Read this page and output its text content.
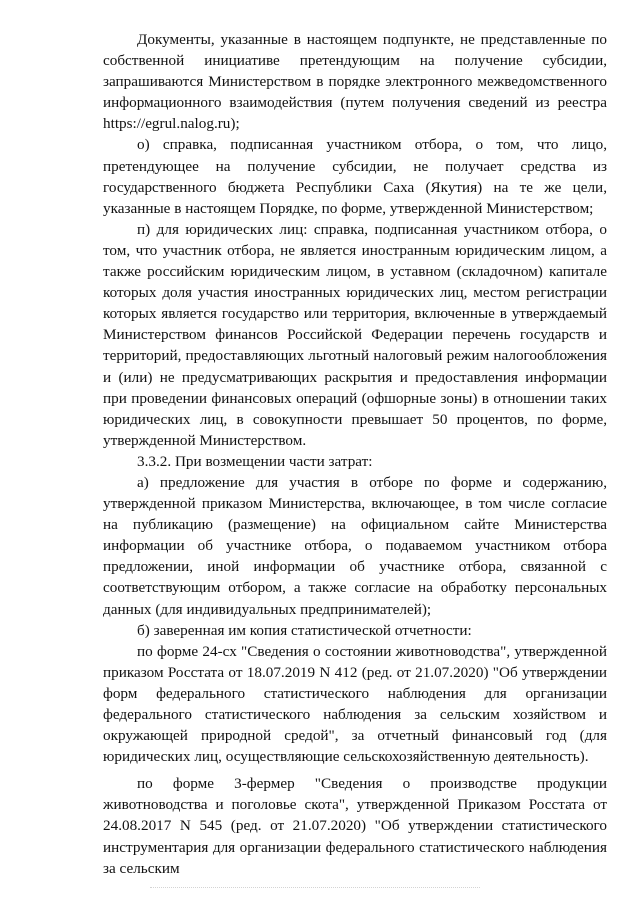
Документы, указанные в настоящем подпункте, не представленные по собственной инициативе претендующим на получение субсидии, запрашиваются Министерством в порядке электронного межведомственного информационного взаимодействия (путем получения сведений из реестра https://egrul.nalog.ru);

о) справка, подписанная участником отбора, о том, что лицо, претендующее на получение субсидии, не получает средства из государственного бюджета Республики Саха (Якутия) на те же цели, указанные в настоящем Порядке, по форме, утвержденной Министерством;

п) для юридических лиц: справка, подписанная участником отбора, о том, что участник отбора, не является иностранным юридическим лицом, а также российским юридическим лицом, в уставном (складочном) капитале которых доля участия иностранных юридических лиц, местом регистрации которых является государство или территория, включенные в утверждаемый Министерством финансов Российской Федерации перечень государств и территорий, предоставляющих льготный налоговый режим налогообложения и (или) не предусматривающих раскрытия и предоставления информации при проведении финансовых операций (офшорные зоны) в отношении таких юридических лиц, в совокупности превышает 50 процентов, по форме, утвержденной Министерством.

3.3.2. При возмещении части затрат:

а) предложение для участия в отборе по форме и содержанию, утвержденной приказом Министерства, включающее, в том числе согласие на публикацию (размещение) на официальном сайте Министерства информации об участнике отбора, о подаваемом участником отбора предложении, иной информации об участнике отбора, связанной с соответствующим отбором, а также согласие на обработку персональных данных (для индивидуальных предпринимателей);

б) заверенная им копия статистической отчетности:

по форме 24-сх "Сведения о состоянии животноводства", утвержденной приказом Росстата от 18.07.2019 N 412 (ред. от 21.07.2020) "Об утверждении форм федерального статистического наблюдения для организации федерального статистического наблюдения за сельским хозяйством и окружающей природной средой", за отчетный финансовый год (для юридических лиц, осуществляющие сельскохозяйственную деятельность).

по форме 3-фермер "Сведения о производстве продукции животноводства и поголовье скота", утвержденной Приказом Росстата от 24.08.2017 N 545 (ред. от 21.07.2020) "Об утверждении статистического инструментария для организации федерального статистического наблюдения за сельским
